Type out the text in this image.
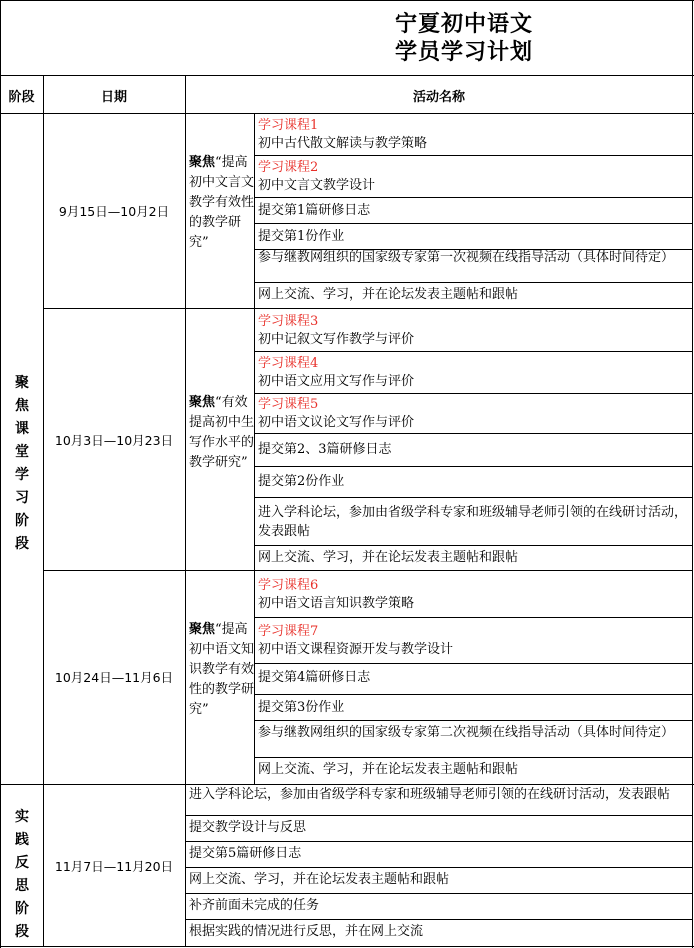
宁夏初中语文
学员学习计划
阶段	日期	活动名称
聚
焦
课
堂
学
习
阶
段
实
践
反
思
阶
段
9月15日—10月2日
聚焦“提高初中文言文教学有效性的教学研究”
学习课程1
初中古代散文解读与教学策略
学习课程2
初中文言文教学设计
提交第1篇研修日志
提交第1份作业
参与继教网组织的国家级专家第一次视频在线指导活动（具体时间待定）
网上交流、学习，并在论坛发表主题帖和跟帖
10月3日—10月23日
聚焦“有效提高初中生写作水平的教学研究”
学习课程3
初中记叙文写作教学与评价
学习课程4
初中语文应用文写作与评价
学习课程5
初中语文议论文写作与评价
提交第2、3篇研修日志
提交第2份作业
进入学科论坛，参加由省级学科专家和班级辅导老师引领的在线研讨活动，发表跟帖
网上交流、学习，并在论坛发表主题帖和跟帖
10月24日—11月6日
聚焦“提高初中语文知识教学有效性的教学研究”
学习课程6
初中语文语言知识教学策略
学习课程7
初中语文课程资源开发与教学设计
提交第4篇研修日志
提交第3份作业
参与继教网组织的国家级专家第二次视频在线指导活动（具体时间待定）
网上交流、学习，并在论坛发表主题帖和跟帖
11月7日—11月20日
进入学科论坛，参加由省级学科专家和班级辅导老师引领的在线研讨活动，发表跟帖
提交教学设计与反思
提交第5篇研修日志
网上交流、学习，并在论坛发表主题帖和跟帖
补齐前面未完成的任务
根据实践的情况进行反思，并在网上交流
